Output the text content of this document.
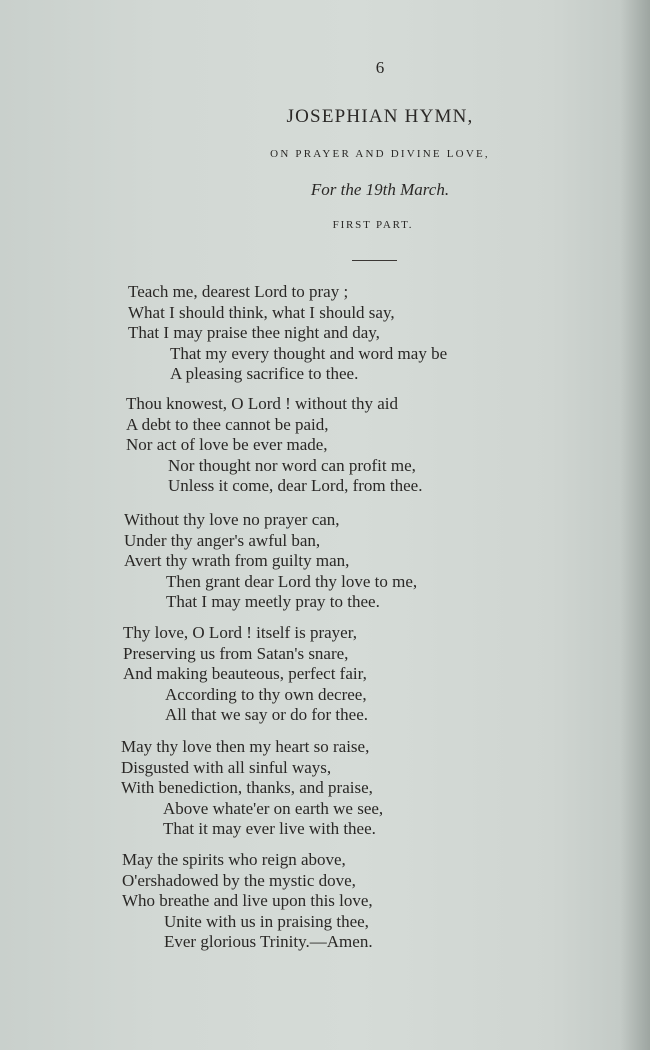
6
JOSEPHIAN HYMN,
ON PRAYER AND DIVINE LOVE,
For the 19th March.
FIRST PART.
Teach me, dearest Lord to pray ;
What I should think, what I should say,
That I may praise thee night and day,
That my every thought and word may be
A pleasing sacrifice to thee.
Thou knowest, O Lord ! without thy aid
A debt to thee cannot be paid,
Nor act of love be ever made,
Nor thought nor word can profit me,
Unless it come, dear Lord, from thee.
Without thy love no prayer can,
Under thy anger's awful ban,
Avert thy wrath from guilty man,
Then grant dear Lord thy love to me,
That I may meetly pray to thee.
Thy love, O Lord ! itself is prayer,
Preserving us from Satan's snare,
And making beauteous, perfect fair,
According to thy own decree,
All that we say or do for thee.
May thy love then my heart so raise,
Disgusted with all sinful ways,
With benediction, thanks, and praise,
Above whate'er on earth we see,
That it may ever live with thee.
May the spirits who reign above,
O'ershadowed by the mystic dove,
Who breathe and live upon this love,
Unite with us in praising thee,
Ever glorious Trinity.—Amen.
